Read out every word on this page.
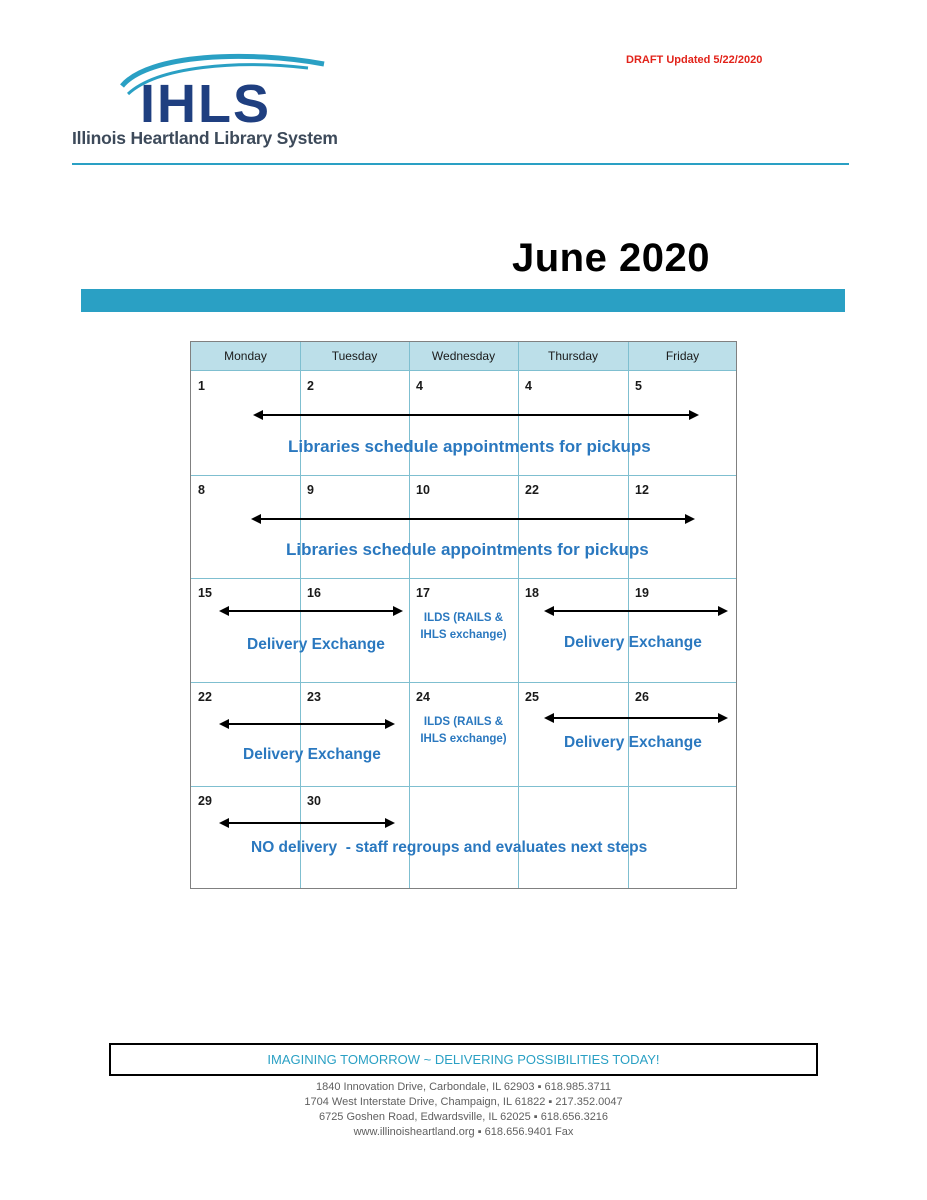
IHLS
Illinois Heartland Library System
DRAFT Updated 5/22/2020
June 2020
Monday	Tuesday	Wednesday	Thursday	Friday
1	2	4	4	5
Libraries schedule appointments for pickups
8	9	10	22	12
Libraries schedule appointments for pickups
15	16	17	18	19
Delivery Exchange
ILDS (RAILS &
IHLS exchange)	Delivery Exchange
22	23	24	25	26
Delivery Exchange
ILDS (RAILS &
IHLS exchange)	Delivery Exchange
29	30
NO delivery  - staff regroups and evaluates next steps
IMAGINING TOMORROW ~ DELIVERING POSSIBILITIES TODAY!
1840 Innovation Drive, Carbondale, IL 62903 ▪ 618.985.3711
1704 West Interstate Drive, Champaign, IL 61822 ▪ 217.352.0047
6725 Goshen Road, Edwardsville, IL 62025 ▪ 618.656.3216
www.illinoisheartland.org ▪ 618.656.9401 Fax
